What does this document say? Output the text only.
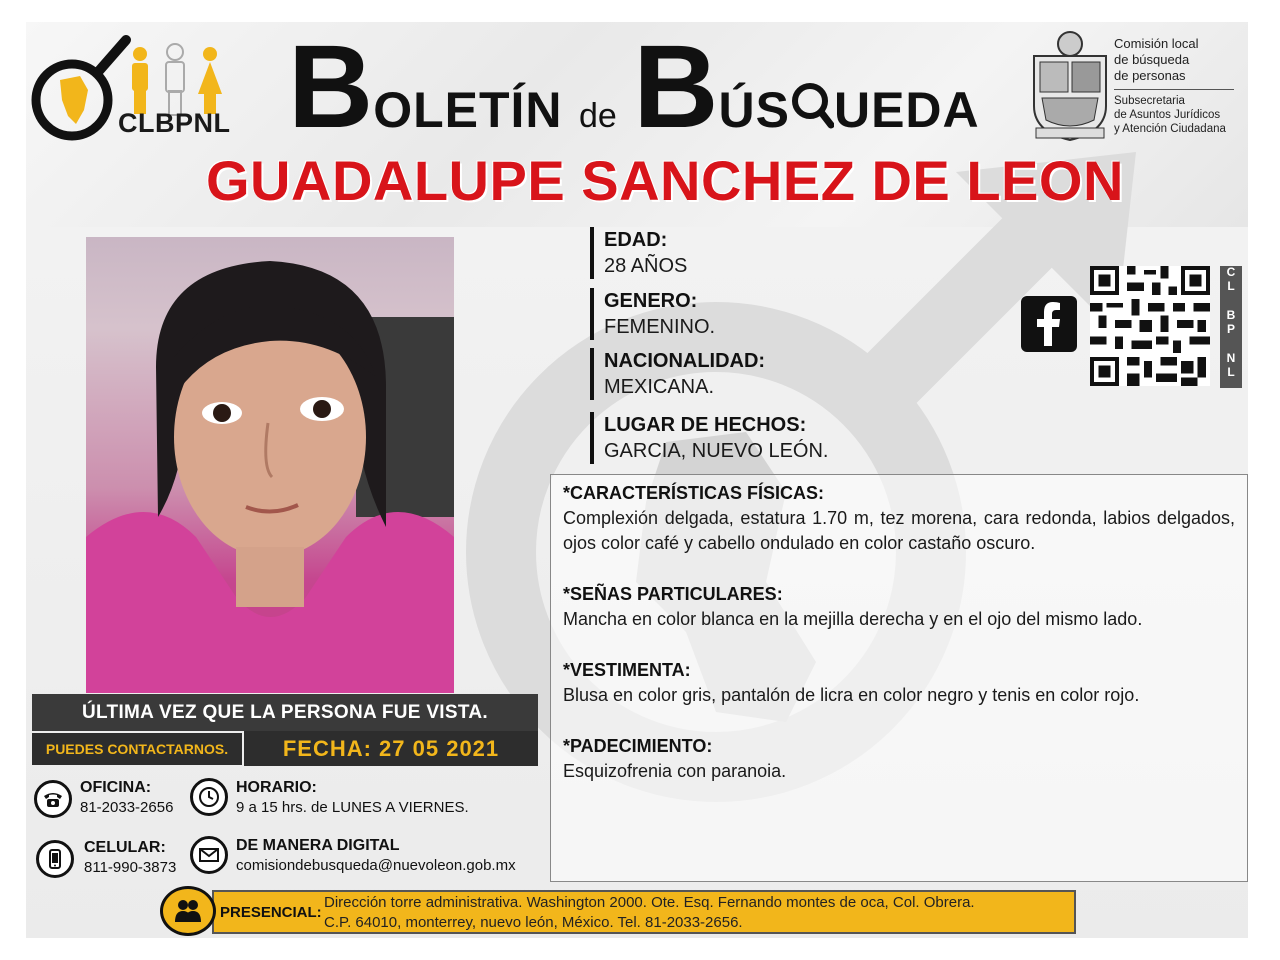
CLBPNL BOLETÍN de BÚS UEDA
GUADALUPE SANCHEZ DE LEON
Comisión local
de búsqueda
de personas
Subsecretaria
de Asuntos Jurídicos
y Atención Ciudadana
EDAD:
28 AÑOS
GENERO:
FEMENINO.
NACIONALIDAD:
MEXICANA.
LUGAR DE HECHOS:
GARCIA, NUEVO LEÓN.
C
L
B
P
N
L
*CARACTERÍSTICAS FÍSICAS:
Complexión delgada, estatura 1.70 m, tez morena, cara redonda, labios delgados, ojos color café y cabello ondulado en color castaño oscuro.
*SEÑAS PARTICULARES:
Mancha en color blanca en la mejilla derecha y en el ojo del mismo lado.
*VESTIMENTA:
Blusa en color gris, pantalón de licra en color negro y tenis en color rojo.
*PADECIMIENTO:
Esquizofrenia con paranoia.
ÚLTIMA VEZ QUE LA PERSONA FUE VISTA.
PUEDES CONTACTARNOS.	FECHA: 27 05 2021
OFICINA:
81-2033-2656
HORARIO:
9 a 15 hrs. de LUNES A VIERNES.
CELULAR:
811-990-3873
DE MANERA DIGITAL
comisiondebusqueda@nuevoleon.gob.mx
PRESENCIAL:
Dirección torre administrativa. Washington 2000. Ote. Esq. Fernando montes de oca, Col. Obrera.
C.P. 64010, monterrey, nuevo león, México. Tel. 81-2033-2656.
